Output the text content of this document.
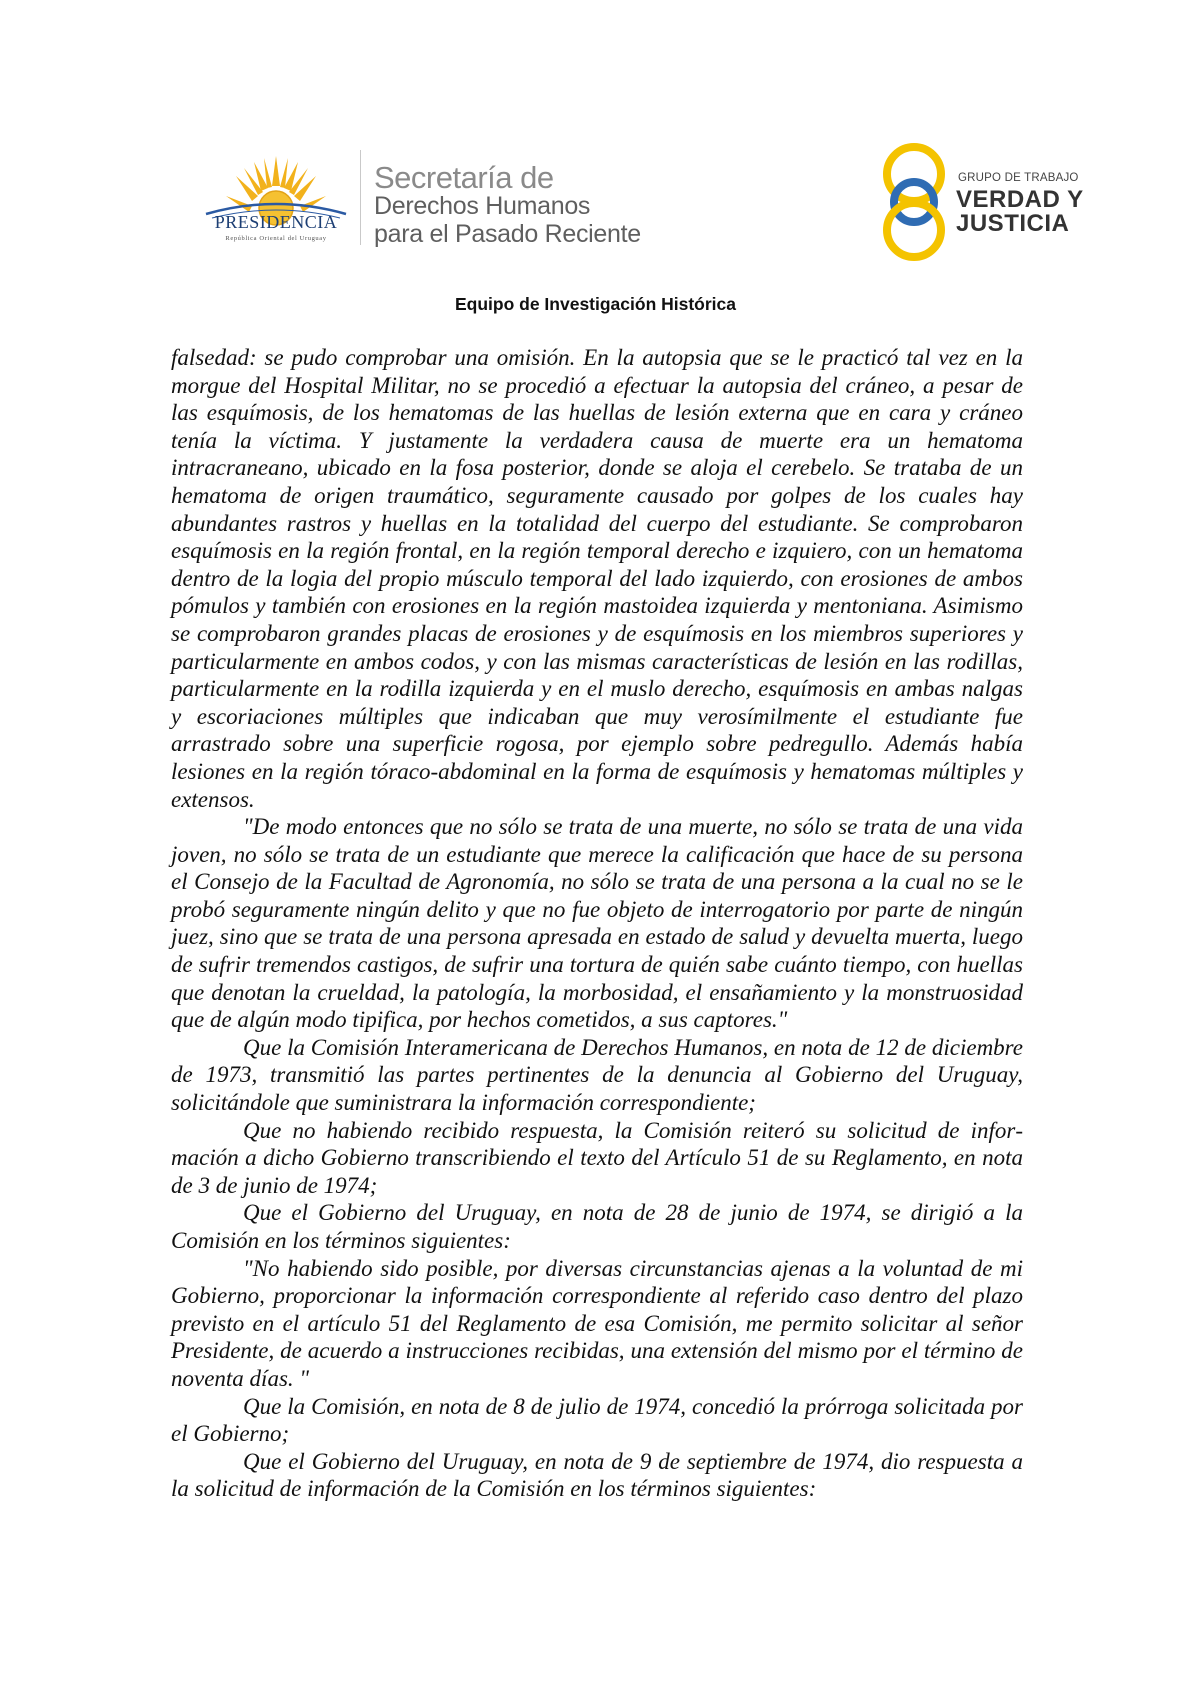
PRESIDENCIA
República Oriental del Uruguay
Secretaría de
Derechos Humanos
para el Pasado Reciente
GRUPO DE TRABAJO
VERDAD Y
JUSTICIA
Equipo de Investigación Histórica

falsedad: se pudo comprobar una omisión. En la autopsia que se le practicó tal vez en la morgue del Hospital Militar, no se procedió a efectuar la autopsia del cráneo, a pesar de las esquímosis, de los hematomas de las huellas de lesión externa que en cara y cráneo tenía la víctima. Y justamente la verdadera causa de muerte era un hematoma intracraneano, ubicado en la fosa posterior, donde se aloja el cerebelo. Se trataba de un hematoma de origen traumático, seguramente causado por golpes de los cuales hay abundantes rastros y huellas en la totalidad del cuerpo del estudiante. Se comprobaron esquímosis en la región frontal, en la región temporal derecho e izquiero, con un hematoma dentro de la logia del propio músculo temporal del lado izquierdo, con erosiones de ambos pómulos y también con erosiones en la región mastoidea izquierda y mentoniana. Asimismo se comprobaron grandes placas de erosiones y de esquímosis en los miembros superiores y particularmente en ambos codos, y con las mismas características de lesión en las rodillas, particularmente en la rodilla izquierda y en el muslo derecho, esquímosis en ambas nalgas y escoriaciones múltiples que indicaban que muy verosímilmente el estudiante fue arrastrado sobre una superficie rogosa, por ejemplo sobre pedregullo. Además había lesiones en la región tóraco-abdominal en la forma de esquímosis y hematomas múltiples y extensos.

"De modo entonces que no sólo se trata de una muerte, no sólo se trata de una vida joven, no sólo se trata de un estudiante que merece la calificación que hace de su persona el Consejo de la Facultad de Agronomía, no sólo se trata de una persona a la cual no se le probó seguramente ningún delito y que no fue objeto de interrogatorio por parte de ningún juez, sino que se trata de una persona apresada en estado de salud y devuelta muerta, luego de sufrir tremendos castigos, de sufrir una tortura de quién sabe cuánto tiempo, con huellas que denotan la crueldad, la patología, la morbosidad, el ensañamiento y la monstruosidad que de algún modo tipifica, por hechos cometidos, a sus captores."

Que la Comisión Interamericana de Derechos Humanos, en nota de 12 de diciembre de 1973, transmitió las partes pertinentes de la denuncia al Gobierno del Uruguay, solicitándole que suministrara la información correspondiente;

Que no habiendo recibido respuesta, la Comisión reiteró su solicitud de información a dicho Gobierno transcribiendo el texto del Artículo 51 de su Reglamento, en nota de 3 de junio de 1974;

Que el Gobierno del Uruguay, en nota de 28 de junio de 1974, se dirigió a la Comisión en los términos siguientes:

"No habiendo sido posible, por diversas circunstancias ajenas a la voluntad de mi Gobierno, proporcionar la información correspondiente al referido caso dentro del plazo previsto en el artículo 51 del Reglamento de esa Comisión, me permito solicitar al señor Presidente, de acuerdo a instrucciones recibidas, una extensión del mismo por el término de noventa días. "

Que la Comisión, en nota de 8 de julio de 1974, concedió la prórroga solicitada por el Gobierno;

Que el Gobierno del Uruguay, en nota de 9 de septiembre de 1974, dio respuesta a la solicitud de información de la Comisión en los términos siguientes:
